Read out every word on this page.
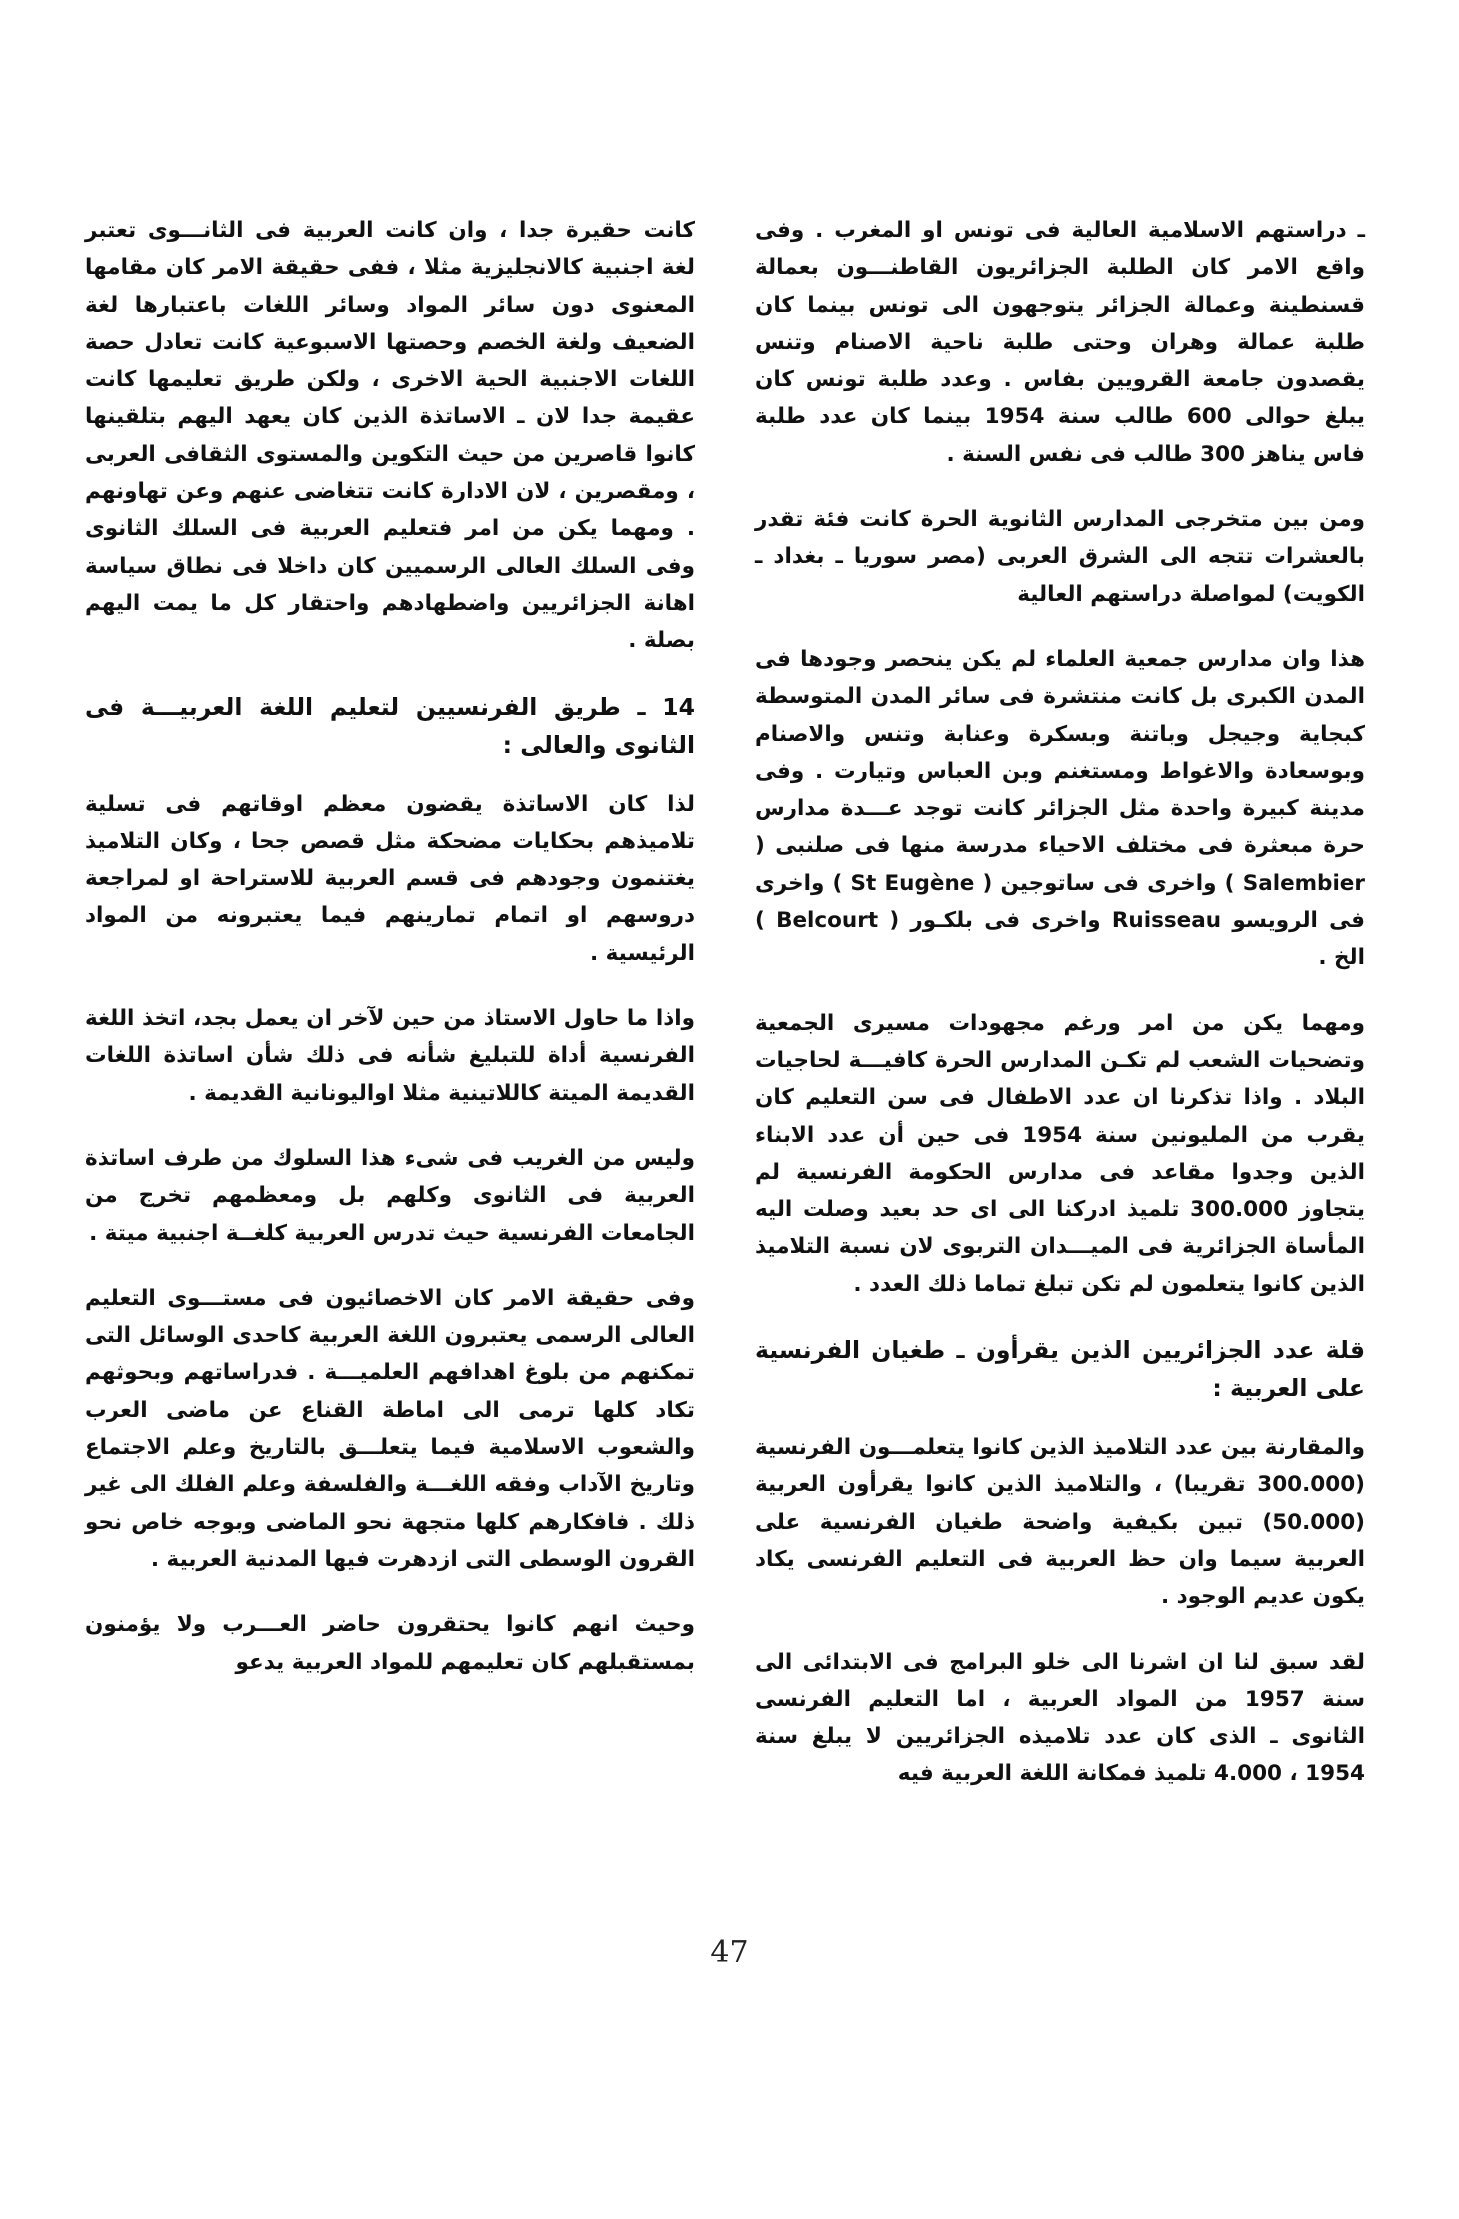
ـ دراستهم الاسلامية العالية فى تونس او المغرب . وفى واقع الامر كان الطلبة الجزائريون القاطنـــون بعمالة قسنطينة وعمالة الجزائر يتوجهون الى تونس بينما كان طلبة عمالة وهران وحتى طلبة ناحية الاصنام وتنس يقصدون جامعة القرويين بفاس . وعدد طلبة تونس كان يبلغ حوالى 600 طالب سنة 1954 بينما كان عدد طلبة فاس يناهز 300 طالب فى نفس السنة .

ومن بين متخرجى المدارس الثانوية الحرة كانت فئة تقدر بالعشرات تتجه الى الشرق العربى (مصر سوريا ـ بغداد ـ الكويت) لمواصلة دراستهم العالية

هذا وان مدارس جمعية العلماء لم يكن ينحصر وجودها فى المدن الكبرى بل كانت منتشرة فى سائر المدن المتوسطة كبجاية وجيجل وباتنة وبسكرة وعنابة وتنس والاصنام وبوسعادة والاغواط ومستغنم وبن العباس وتيارت . وفى مدينة كبيرة واحدة مثل الجزائر كانت توجد عـــدة مدارس حرة مبعثرة فى مختلف الاحياء مدرسة منها فى صلنبى ( Salembier ) واخرى فى ساتوجين ( St Eugène ) واخرى فى الرويسو Ruisseau واخرى فى بلكـور ( Belcourt ) الخ .

ومهما يكن من امر ورغم مجهودات مسيرى الجمعية وتضحيات الشعب لم تكـن المدارس الحرة كافيـــة لحاجيات البلاد . واذا تذكرنا ان عدد الاطفال فى سن التعليم كان يقرب من المليونين سنة 1954 فى حين أن عدد الابناء الذين وجدوا مقاعد فى مدارس الحكومة الفرنسية لم يتجاوز 300.000 تلميذ ادركنا الى اى حد بعيد وصلت اليه المأساة الجزائرية فى الميـــدان التربوى لان نسبة التلاميذ الذين كانوا يتعلمون لم تكن تبلغ تماما ذلك العدد .

قلة عدد الجزائريين الذين يقرأون ـ طغيان الفرنسية على العربية :

والمقارنة بين عدد التلاميذ الذين كانوا يتعلمـــون الفرنسية (300.000 تقريبا) ، والتلاميذ الذين كانوا يقرأون العربية (50.000) تبين بكيفية واضحة طغيان الفرنسية على العربية سيما وان حظ العربية فى التعليم الفرنسى يكاد يكون عديم الوجود .

لقد سبق لنا ان اشرنا الى خلو البرامج فى الابتدائى الى سنة 1957 من المواد العربية ، اما التعليم الفرنسى الثانوى ـ الذى كان عدد تلاميذه الجزائريين لا يبلغ سنة 1954 ، 4.000 تلميذ فمكانة اللغة العربية فيه

كانت حقيرة جدا ، وان كانت العربية فى الثانـــوى تعتبر لغة اجنبية كالانجليزية مثلا ، ففى حقيقة الامر كان مقامها المعنوى دون سائر المواد وسائر اللغات باعتبارها لغة الضعيف ولغة الخصم وحصتها الاسبوعية كانت تعادل حصة اللغات الاجنبية الحية الاخرى ، ولكن طريق تعليمها كانت عقيمة جدا لان ـ الاساتذة الذين كان يعهد اليهم بتلقينها كانوا قاصرين من حيث التكوين والمستوى الثقافى العربى ، ومقصرين ، لان الادارة كانت تتغاضى عنهم وعن تهاونهم . ومهما يكن من امر فتعليم العربية فى السلك الثانوى وفى السلك العالى الرسميين كان داخلا فى نطاق سياسة اهانة الجزائريين واضطهادهم واحتقار كل ما يمت اليهم بصلة .

14 ـ طريق الفرنسيين لتعليم اللغة العربيـــة فى الثانوى والعالى :

لذا كان الاساتذة يقضون معظم اوقاتهم فى تسلية تلاميذهم بحكايات مضحكة مثل قصص جحا ، وكان التلاميذ يغتنمون وجودهم فى قسم العربية للاستراحة او لمراجعة دروسهم او اتمام تمارينهم فيما يعتبرونه من المواد الرئيسية .

واذا ما حاول الاستاذ من حين لآخر ان يعمل بجد، اتخذ اللغة الفرنسية أداة للتبليغ شأنه فى ذلك شأن اساتذة اللغات القديمة الميتة كاللاتينية مثلا اواليونانية القديمة .

وليس من الغريب فى شىء هذا السلوك من طرف اساتذة العربية فى الثانوى وكلهم بل ومعظمهم تخرج من الجامعات الفرنسية حيث تدرس العربية كلغــة اجنبية ميتة .

وفى حقيقة الامر كان الاخصائيون فى مستـــوى التعليم العالى الرسمى يعتبرون اللغة العربية كاحدى الوسائل التى تمكنهم من بلوغ اهدافهم العلميـــة . فدراساتهم وبحوثهم تكاد كلها ترمى الى اماطة القناع عن ماضى العرب والشعوب الاسلامية فيما يتعلـــق بالتاريخ وعلم الاجتماع وتاريخ الآداب وفقه اللغـــة والفلسفة وعلم الفلك الى غير ذلك . فافكارهم كلها متجهة نحو الماضى وبوجه خاص نحو القرون الوسطى التى ازدهرت فيها المدنية العربية .

وحيث انهم كانوا يحتقرون حاضر العـــرب ولا يؤمنون بمستقبلهم كان تعليمهم للمواد العربية يدعو

47
